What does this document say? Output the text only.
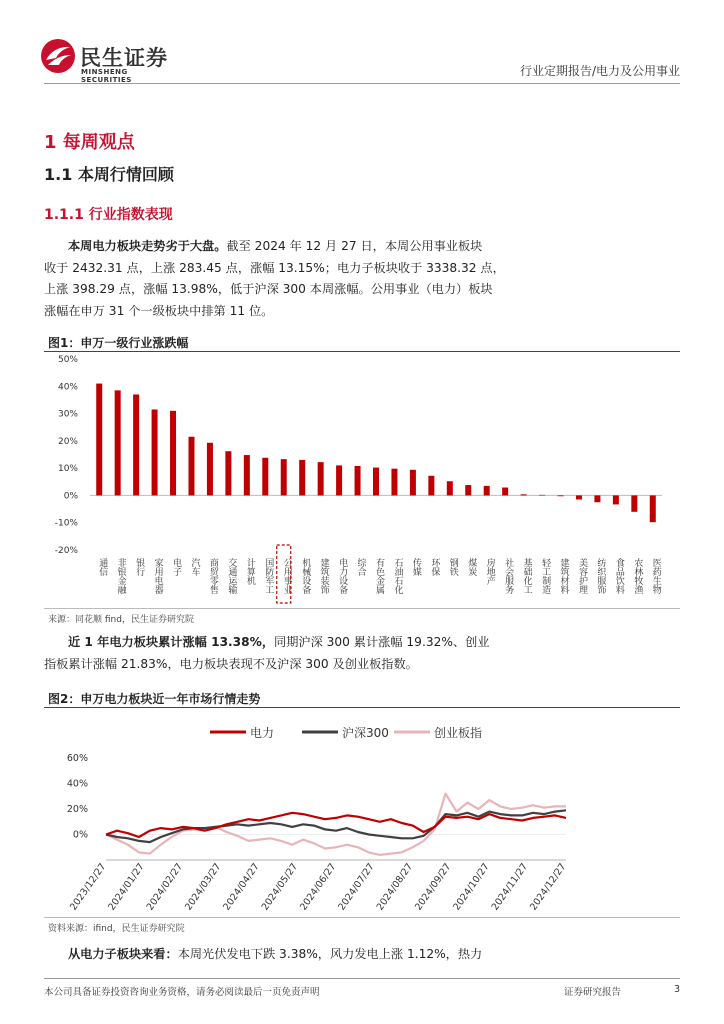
民生证券
MINSHENG SECURITIES
行业定期报告/电力及公用事业
1 每周观点
1.1 本周行情回顾
1.1.1 行业指数表现
本周电力板块走势劣于大盘。截至 2024 年 12 月 27 日，本周公用事业板块
收于 2432.31 点，上涨 283.45 点，涨幅 13.15%；电力子板块收于 3338.32 点，
上涨 398.29 点，涨幅 13.98%，低于沪深 300 本周涨幅。公用事业（电力）板块
涨幅在申万 31 个一级板块中排第 11 位。
图1：申万一级行业涨跌幅
50%
40%
30%
20%
10%
0%
-10%
-20%
通信 非银金融 银行 家用电器 电子 汽车 商贸零售 交通运输 计算机 国防军工 公用事业 机械设备 建筑装饰 电力设备 综合 有色金属 石油石化 传媒 环保 钢铁 煤炭 房地产 社会服务 基础化工 轻工制造 建筑材料 美容护理 纺织服饰 食品饮料 农林牧渔 医药生物
来源：同花顺 find，民生证券研究院
近 1 年电力板块累计涨幅 13.38%，同期沪深 300 累计涨幅 19.32%、创业
指板累计涨幅 21.83%，电力板块表现不及沪深 300 及创业板指数。
图2：申万电力板块近一年市场行情走势
电力	沪深300	创业板指
60%
40%
20%
0%
2023/12/27
2024/01/27
2024/02/27
2024/03/27
2024/04/27
2024/05/27
2024/06/27
2024/07/27
2024/08/27
2024/09/27
2024/10/27
2024/11/27
2024/12/27
资料来源：ifind，民生证券研究院
从电力子板块来看：本周光伏发电下跌 3.38%，风力发电上涨 1.12%，热力
本公司具备证券投资咨询业务资格，请务必阅读最后一页免责声明	证券研究报告	3
